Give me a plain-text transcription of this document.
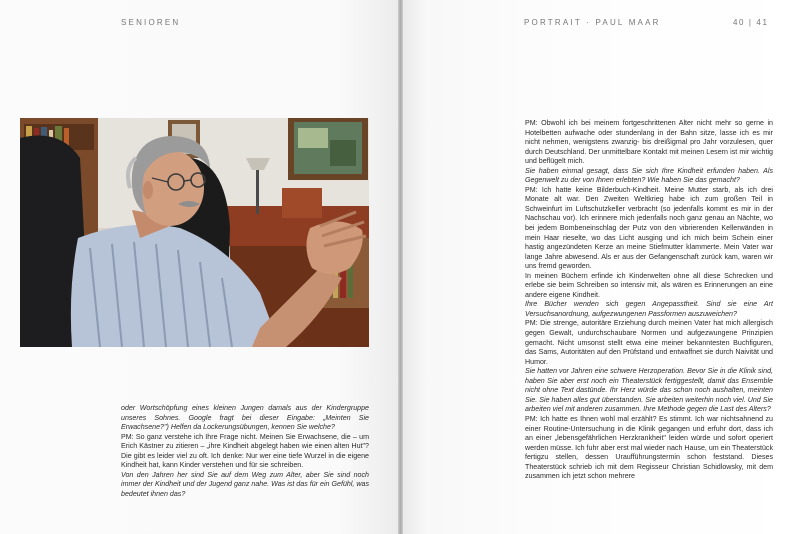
SENIOREN

oder Wortschöpfung eines kleinen Jungen damals aus der Kindergruppe unseres Sohnes. Google fragt bei dieser Eingabe: „Meinten Sie Erwachsene?") Helfen da Lockerungsübungen, kennen Sie welche?

PM: So ganz verstehe ich Ihre Frage nicht. Meinen Sie Erwachsene, die – um Erich Kästner zu zitieren – „ihre Kindheit abgelegt haben wie einen alten Hut"? Die gibt es leider viel zu oft. Ich denke: Nur wer eine tiefe Wurzel in die eigene Kindheit hat, kann Kinder verstehen und für sie schreiben.

Von den Jahren her sind Sie auf dem Weg zum Alter, aber Sie sind noch immer der Kindheit und der Jugend ganz nahe. Was ist das für ein Gefühl, was bedeutet ihnen das?

PORTRAIT · PAUL MAAR	40 | 41

PM: Obwohl ich bei meinem fortgeschrittenen Alter nicht mehr so gerne in Hotelbetten aufwache oder stundenlang in der Bahn sitze, lasse ich es mir nicht nehmen, wenigstens zwanzig- bis dreißigmal pro Jahr vorzulesen, quer durch Deutschland. Der unmittelbare Kontakt mit meinen Lesern ist mir wichtig und beflügelt mich.

Sie haben einmal gesagt, dass Sie sich Ihre Kindheit erfunden haben. Als Gegenwelt zu der von Ihnen erlebten? Wie haben Sie das gemacht?

PM: Ich hatte keine Bilderbuch-Kindheit. Meine Mutter starb, als ich drei Monate alt war. Den Zweiten Weltkrieg habe ich zum großen Teil in Schweinfurt im Luftschutzkeller verbracht (so jedenfalls kommt es mir in der Nachschau vor). Ich erinnere mich jedenfalls noch ganz genau an Nächte, wo bei jedem Bombeneinschlag der Putz von den vibrierenden Kellerwänden in mein Haar rieselte, wo das Licht ausging und ich mich beim Schein einer hastig angezündeten Kerze an meine Stiefmutter klammerte. Mein Vater war lange Jahre abwesend. Als er aus der Gefangenschaft zurück kam, waren wir uns fremd geworden.

In meinen Büchern erfinde ich Kinderwelten ohne all diese Schrecken und erlebe sie beim Schreiben so intensiv mit, als wären es Erinnerungen an eine andere eigene Kindheit.

Ihre Bücher wenden sich gegen Angepasstheit. Sind sie eine Art Versuchsanordnung, aufgezwungenen Passformen auszuweichen?

PM: Die strenge, autoritäre Erziehung durch meinen Vater hat mich allergisch gegen Gewalt, undurchschaubare Normen und aufgezwungene Prinzipien gemacht. Nicht umsonst stellt etwa eine meiner bekanntesten Buchfiguren, das Sams, Autoritäten auf den Prüfstand und entwaffnet sie durch Naivität und Humor.

Sie hatten vor Jahren eine schwere Herzoperation. Bevor Sie in die Klinik sind, haben Sie aber erst noch ein Theaterstück fertiggestellt, damit das Ensemble nicht ohne Text dastünde. Ihr Herz würde das schon noch aushalten, meinten Sie. Sie haben alles gut überstanden. Sie arbeiten weiterhin noch viel. Und Sie arbeiten viel mit anderen zusammen. Ihre Methode gegen die Last des Alters?

PM: Ich hatte es Ihnen wohl mal erzählt? Es stimmt. Ich war nichtsahnend zu einer Routine-Untersuchung in die Klinik gegangen und erfuhr dort, dass ich an einer „lebensgefährlichen Herzkrankheit" leiden würde und sofort operiert werden müsse. Ich fuhr aber erst mal wieder nach Hause, um ein Theaterstück fertigzu stellen, dessen Uraufführungstermin schon feststand. Dieses Theaterstück schrieb ich mit dem Regisseur Christian Schidlowsky, mit dem zusammen ich jetzt schon mehrere
